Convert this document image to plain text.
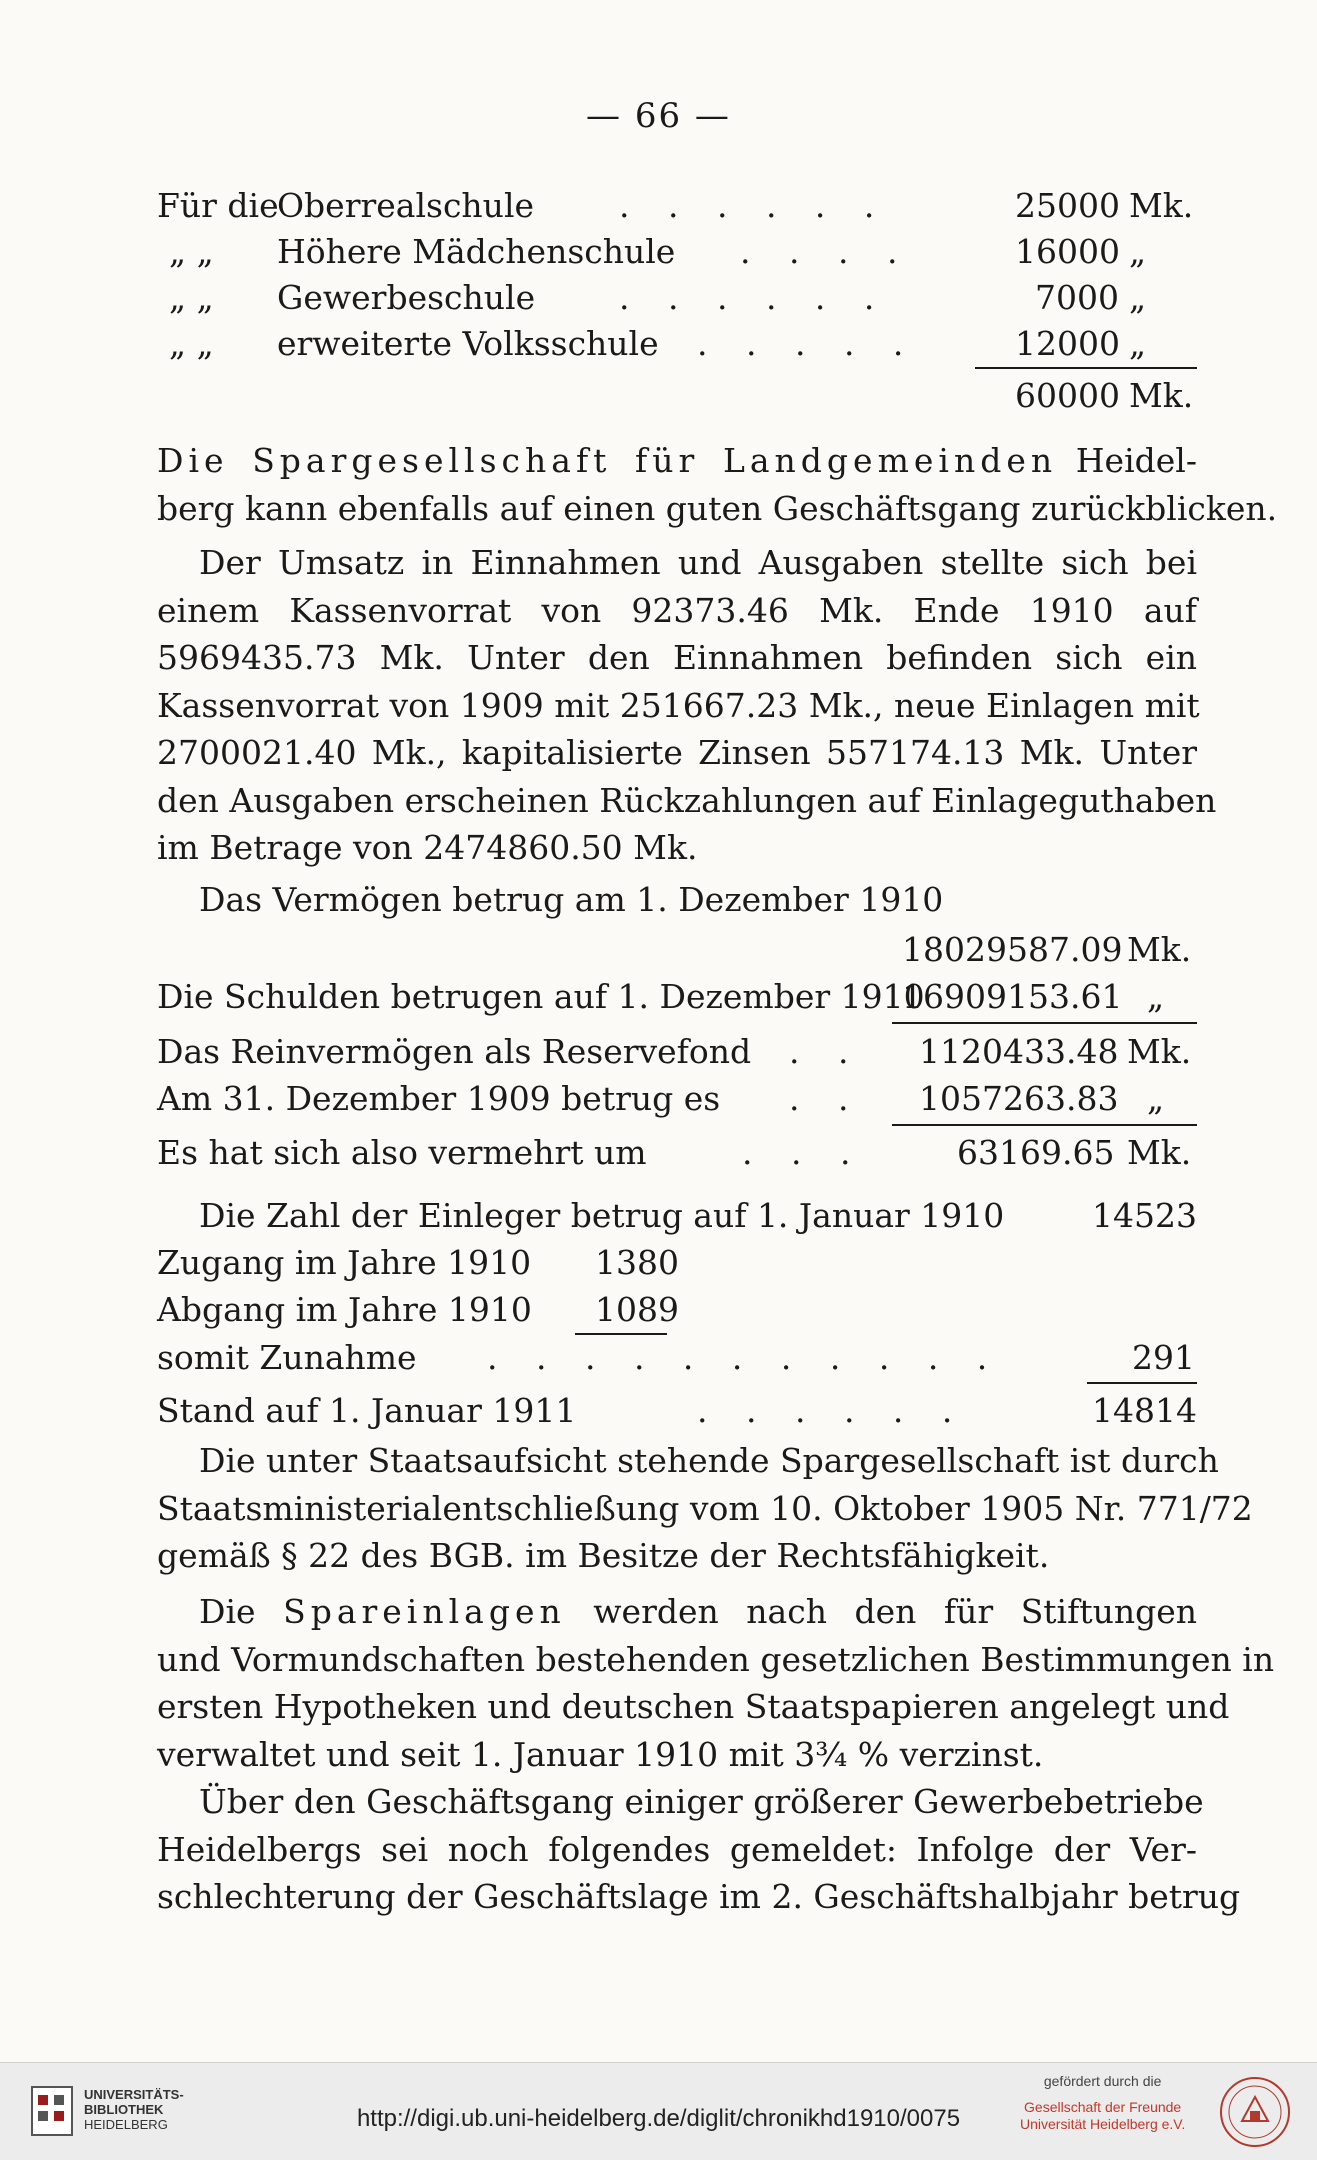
— 66 —
Für die
Oberrealschule	. . . . . .	25000 Mk.
„ „ Höhere Mädchenschule . . . .	16000 „
„ „ Gewerbeschule	. . . . . .	7000 „
„ „ erweiterte Volksschule . . . . .	12000 „
60000 Mk.
Die Spargesellschaft für Landgemeinden Heidel-
berg kann ebenfalls auf einen guten Geschäftsgang zurückblicken.
Der Umsatz in Einnahmen und Ausgaben stellte sich bei
einem Kassenvorrat von 92373.46 Mk. Ende 1910 auf
5969435.73 Mk. Unter den Einnahmen befinden sich ein
Kassenvorrat von 1909 mit 251667.23 Mk., neue Einlagen mit
2700021.40 Mk., kapitalisierte Zinsen 557174.13 Mk. Unter
den Ausgaben erscheinen Rückzahlungen auf Einlageguthaben
im Betrage von 2474860.50 Mk.
Das Vermögen betrug am 1. Dezember 1910
18029587.09 Mk.
Die Schulden betrugen auf 1. Dezember 1910
16909153.61 „
Das Reinvermögen als Reservefond . . 1120433.48 Mk.
Am 31. Dezember 1909 betrug es . . 1057263.83 „
Es hat sich also vermehrt um	. . .	63169.65 Mk.
Die Zahl der Einleger betrug auf 1. Januar 1910	14523
Zugang im Jahre 1910 1380
Abgang im Jahre 1910 1089
somit Zunahme . . . . . . . . . . .	291
Stand auf 1. Januar 1911	. . . . . .	14814
Die unter Staatsaufsicht stehende Spargesellschaft ist durch
Staatsministerialentschließung vom 10. Oktober 1905 Nr. 771/72
gemäß § 22 des BGB. im Besitze der Rechtsfähigkeit.
Die Spareinlagen werden nach den für Stiftungen
und Vormundschaften bestehenden gesetzlichen Bestimmungen in
ersten Hypotheken und deutschen Staatspapieren angelegt und
verwaltet und seit 1. Januar 1910 mit 3¾ % verzinst.
Über den Geschäftsgang einiger größerer Gewerbebetriebe
Heidelbergs sei noch folgendes gemeldet: Infolge der Ver-
schlechterung der Geschäftslage im 2. Geschäftshalbjahr betrug
UNIVERSITÄTS-
BIBLIOTHEK
HEIDELBERG	http://digi.ub.uni-heidelberg.de/diglit/chronikhd1910/0075
gefördert durch die
Gesellschaft der Freunde
Universität Heidelberg e.V.
